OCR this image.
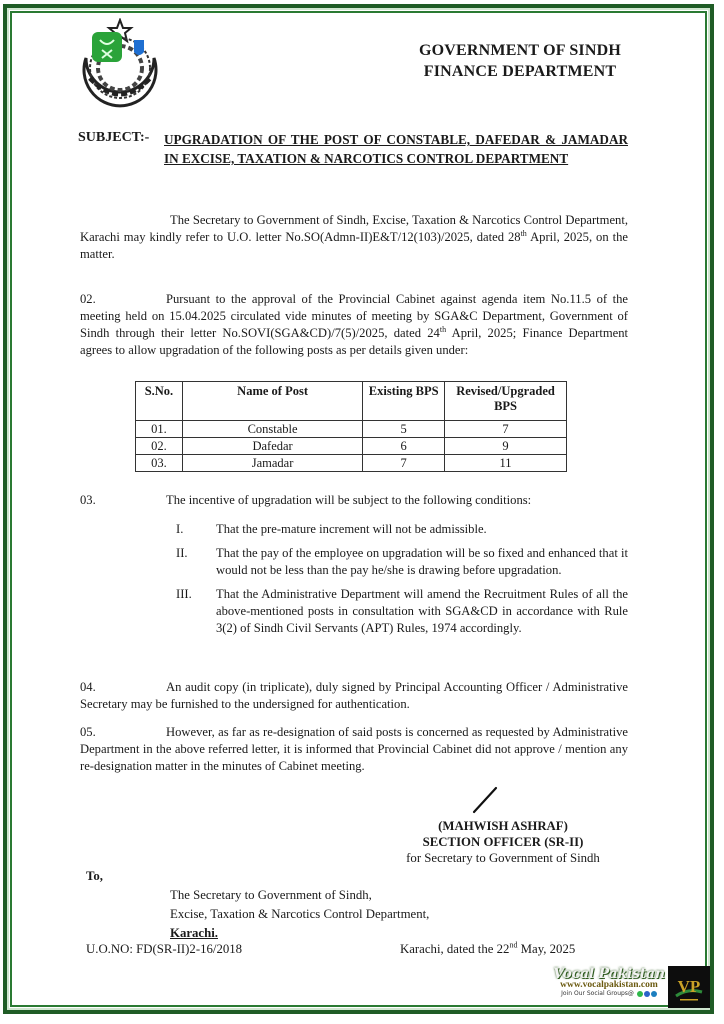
GOVERNMENT OF SINDH
FINANCE DEPARTMENT
SUBJECT:- UPGRADATION OF THE POST OF CONSTABLE, DAFEDAR & JAMADAR IN EXCISE, TAXATION & NARCOTICS CONTROL DEPARTMENT
The Secretary to Government of Sindh, Excise, Taxation & Narcotics Control Department, Karachi may kindly refer to U.O. letter No.SO(Admn-II)E&T/12(103)/2025, dated 28th April, 2025, on the matter.
02.	Pursuant to the approval of the Provincial Cabinet against agenda item No.11.5 of the meeting held on 15.04.2025 circulated vide minutes of meeting by SGA&C Department, Government of Sindh through their letter No.SOVI(SGA&CD)/7(5)/2025, dated 24th April, 2025; Finance Department agrees to allow upgradation of the following posts as per details given under:
S.No.	Name of Post	Existing BPS	Revised/Upgraded BPS
01.	Constable	5	7
02.	Dafedar	6	9
03.	Jamadar	7	11
03.	The incentive of upgradation will be subject to the following conditions:
I.	That the pre-mature increment will not be admissible.
II. That the pay of the employee on upgradation will be so fixed and enhanced that it would not be less than the pay he/she is drawing before upgradation.
III. That the Administrative Department will amend the Recruitment Rules of all the above-mentioned posts in consultation with SGA&CD in accordance with Rule 3(2) of Sindh Civil Servants (APT) Rules, 1974 accordingly.
04.	An audit copy (in triplicate), duly signed by Principal Accounting Officer / Administrative Secretary may be furnished to the undersigned for authentication.
05.	However, as far as re-designation of said posts is concerned as requested by Administrative Department in the above referred letter, it is informed that Provincial Cabinet did not approve / mention any re-designation matter in the minutes of Cabinet meeting.
(MAHWISH ASHRAF)
SECTION OFFICER (SR-II)
for Secretary to Government of Sindh
To,
The Secretary to Government of Sindh,
Excise, Taxation & Narcotics Control Department,
Karachi.
U.O.NO: FD(SR-II)2-16/2018	Karachi, dated the 22nd May, 2025
Vocal Pakistan
www.vocalpakistan.com
Join Our Social Groups@	VP
